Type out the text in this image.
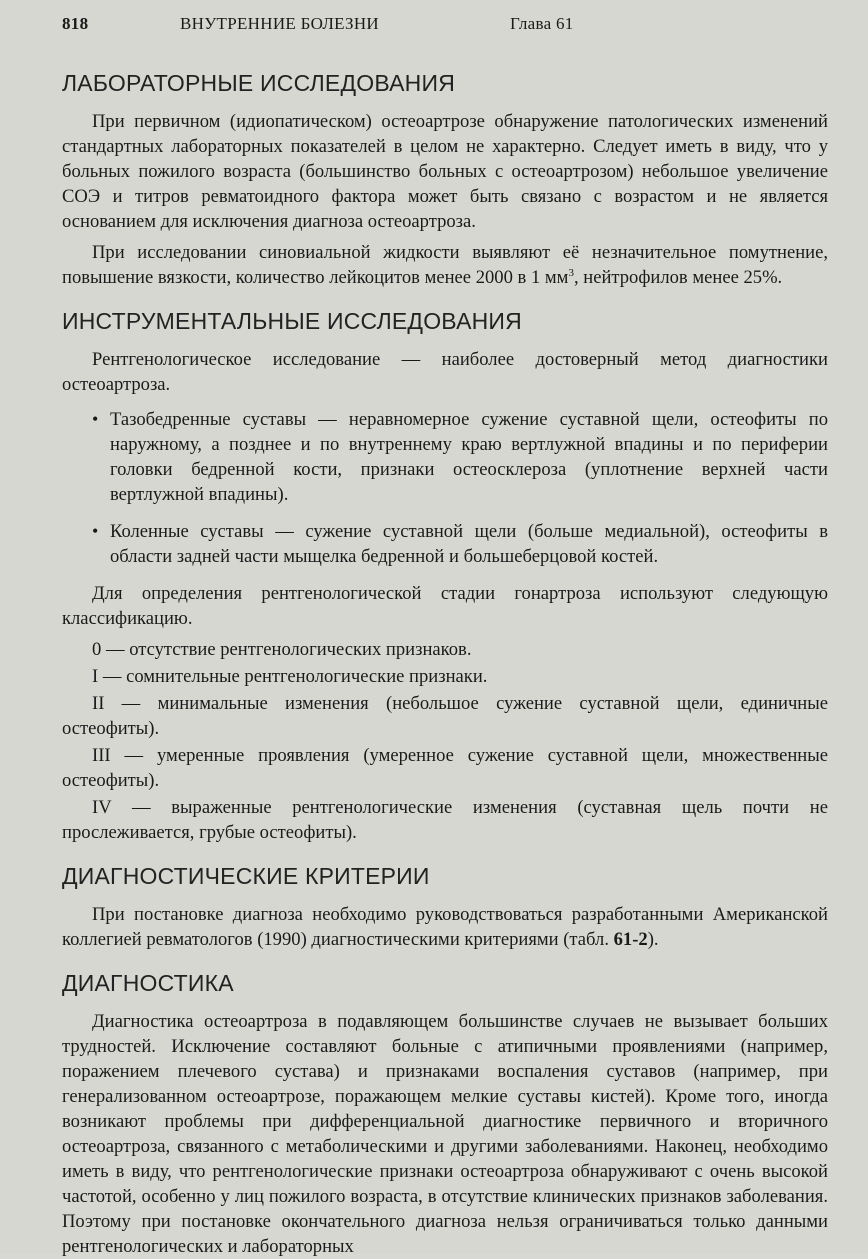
818	ВНУТРЕННИЕ БОЛЕЗНИ	Глава 61
ЛАБОРАТОРНЫЕ ИССЛЕДОВАНИЯ

При первичном (идиопатическом) остеоартрозе обнаружение патологических изменений стандартных лабораторных показателей в целом не характерно. Следует иметь в виду, что у больных пожилого возраста (большинство больных с остеоартрозом) небольшое увеличение СОЭ и титров ревматоидного фактора может быть связано с возрастом и не является основанием для исключения диагноза остеоартроза.

При исследовании синовиальной жидкости выявляют её незначительное помутнение, повышение вязкости, количество лейкоцитов менее 2000 в 1 $мм^3$, нейтрофилов менее 25%.

ИНСТРУМЕНТАЛЬНЫЕ ИССЛЕДОВАНИЯ

Рентгенологическое исследование — наиболее достоверный метод диагностики остеоартроза.

• Тазобедренные суставы — неравномерное сужение суставной щели, остеофиты по наружному, а позднее и по внутреннему краю вертлужной впадины и по периферии головки бедренной кости, признаки остеосклероза (уплотнение верхней части вертлужной впадины).
• Коленные суставы — сужение суставной щели (больше медиальной), остеофиты в области задней части мыщелка бедренной и большеберцовой костей.

Для определения рентгенологической стадии гонартроза используют следующую классификацию.

0 — отсутствие рентгенологических признаков.

I — сомнительные рентгенологические признаки.

II — минимальные изменения (небольшое сужение суставной щели, единичные остеофиты).

III — умеренные проявления (умеренное сужение суставной щели, множественные остеофиты).

IV — выраженные рентгенологические изменения (суставная щель почти не прослеживается, грубые остеофиты).

ДИАГНОСТИЧЕСКИЕ КРИТЕРИИ

При постановке диагноза необходимо руководствоваться разработанными Американской коллегией ревматологов (1990) диагностическими критериями (табл. 61-2).

ДИАГНОСТИКА

Диагностика остеоартроза в подавляющем большинстве случаев не вызывает больших трудностей. Исключение составляют больные с атипичными проявлениями (например, поражением плечевого сустава) и признаками воспаления суставов (например, при генерализованном остеоартрозе, поражающем мелкие суставы кистей). Кроме того, иногда возникают проблемы при дифференциальной диагностике первичного и вторичного остеоартроза, связанного с метаболическими и другими заболеваниями. Наконец, необходимо иметь в виду, что рентгенологические признаки остеоартроза обнаруживают с очень высокой частотой, особенно у лиц пожилого возраста, в отсутствие клинических признаков заболевания. Поэтому при постановке окончательного диагноза нельзя ограничиваться только данными рентгенологических и лабораторных
